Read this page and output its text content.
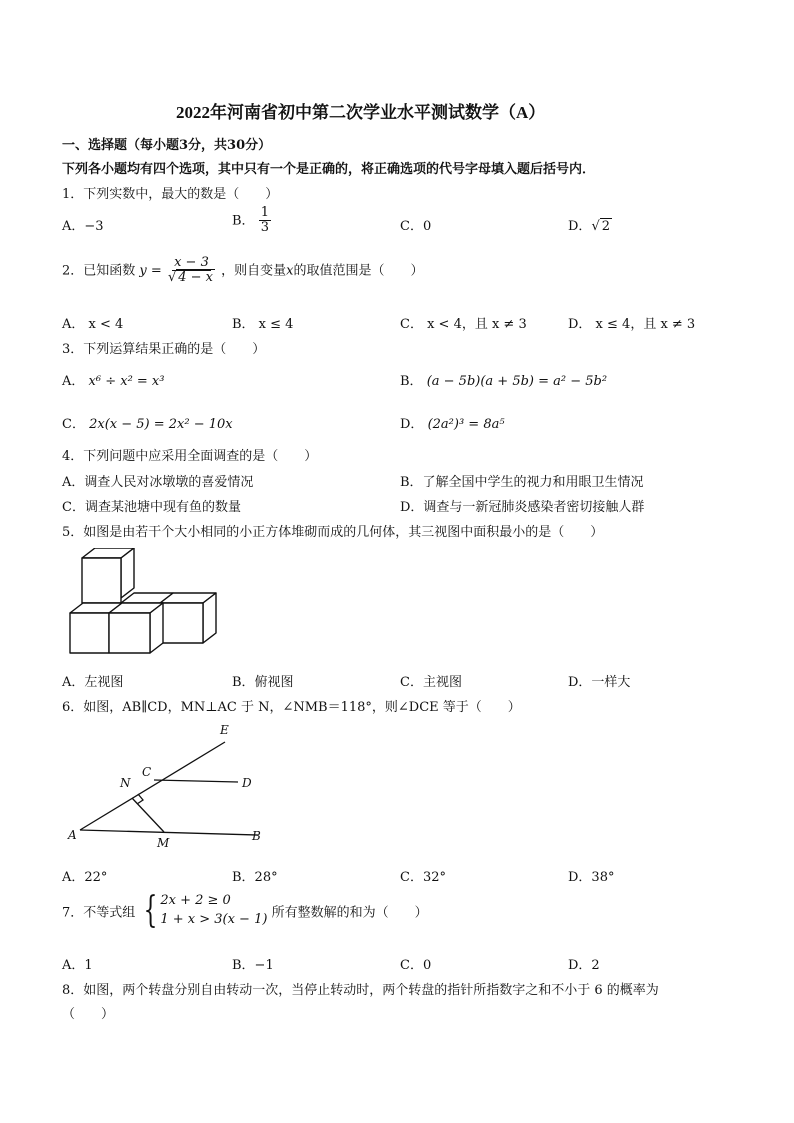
2022年河南省初中第二次学业水平测试数学（A）
一、选择题（每小题3分，共30分）
下列各小题均有四个选项，其中只有一个是正确的，将正确选项的代号字母填入题后括号内．
1．下列实数中，最大的数是（　　）
A．−3	B． $\frac{1}{3}$	C．0	D．√ 2
2．已知函数 $y = \frac{x - 3}{√ 4 - x}$ ，则自变量x的取值范围是（　　）
A． x < 4	B． x ≤ 4	C． x < 4，且 x ≠ 3	D． x ≤ 4，且 x ≠ 3
3．下列运算结果正确的是（　　）
A． x⁶ ÷ x² = x³	B． (a − 5b)(a + 5b) = a² − 5b²
C． 2x(x − 5) = 2x² − 10x	D． (2a²)³ = 8a⁵
4．下列问题中应采用全面调查的是（　　）
A．调查人民对冰墩墩的喜爱情况	B．了解全国中学生的视力和用眼卫生情况
C．调查某池塘中现有鱼的数量	D．调查与一新冠肺炎感染者密切接触人群
5．如图是由若干个大小相同的小正方体堆砌而成的几何体，其三视图中面积最小的是（　　）
A．左视图	B．俯视图	C．主视图	D．一样大
6．如图，AB∥CD，MN⊥AC 于 N，∠NMB＝118°，则∠DCE 等于（　　）
E
C
N	D
A
M	B
A．22°	B．28°	C．32°	D．38°
7．不等式组 { 2x + 2 ≥ 0
1 + x > 3(x − 1) 所有整数解的和为（　　）
A．1	B．−1	C．0	D．2
8．如图，两个转盘分别自由转动一次，当停止转动时，两个转盘的指针所指数字之和不小于 6 的概率为
（　　）
